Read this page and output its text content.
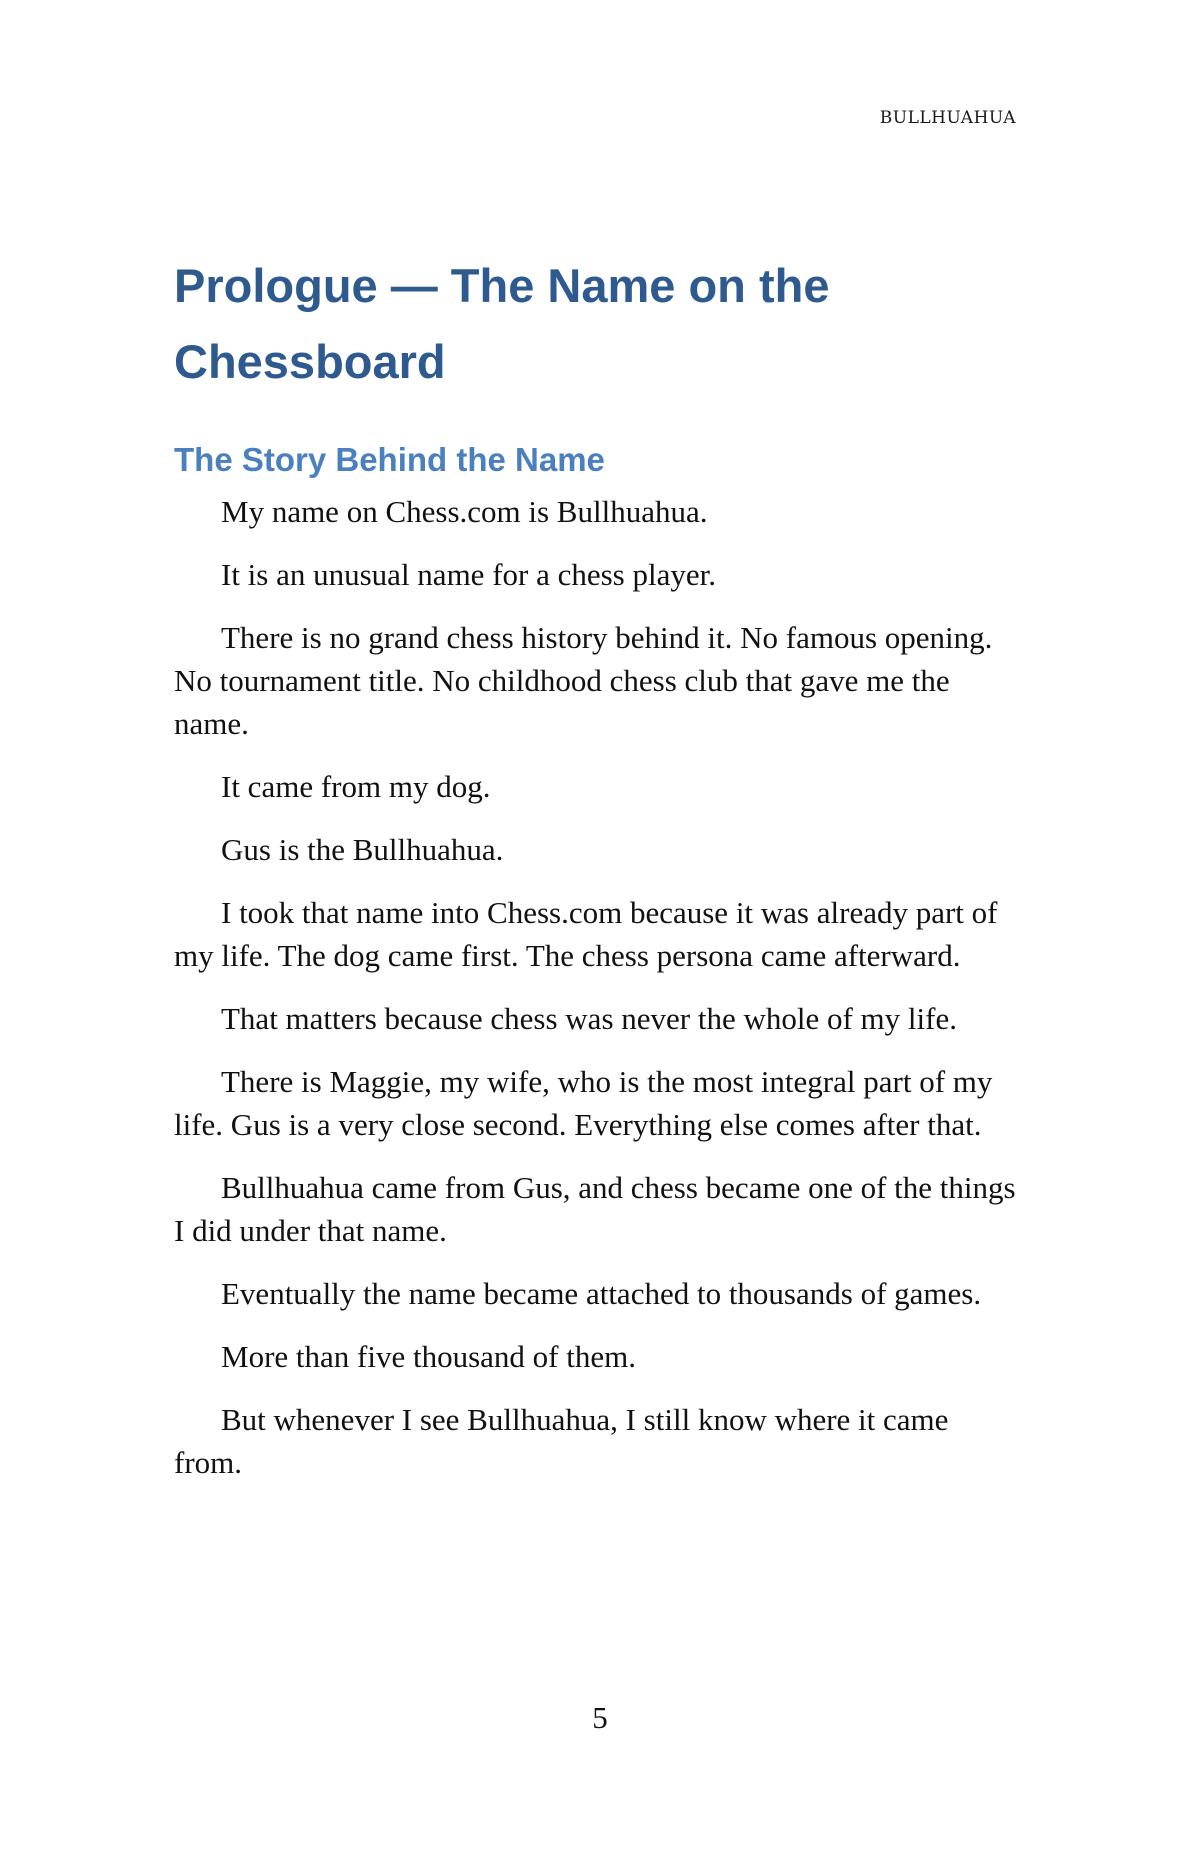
BULLHUAHUA
Prologue — The Name on the Chessboard
The Story Behind the Name

My name on Chess.com is Bullhuahua.

It is an unusual name for a chess player.

There is no grand chess history behind it. No famous opening. No tournament title. No childhood chess club that gave me the name.

It came from my dog.

Gus is the Bullhuahua.

I took that name into Chess.com because it was already part of my life. The dog came first. The chess persona came afterward.

That matters because chess was never the whole of my life.

There is Maggie, my wife, who is the most integral part of my life. Gus is a very close second. Everything else comes after that.

Bullhuahua came from Gus, and chess became one of the things I did under that name.

Eventually the name became attached to thousands of games.

More than five thousand of them.

But whenever I see Bullhuahua, I still know where it came from.

5
